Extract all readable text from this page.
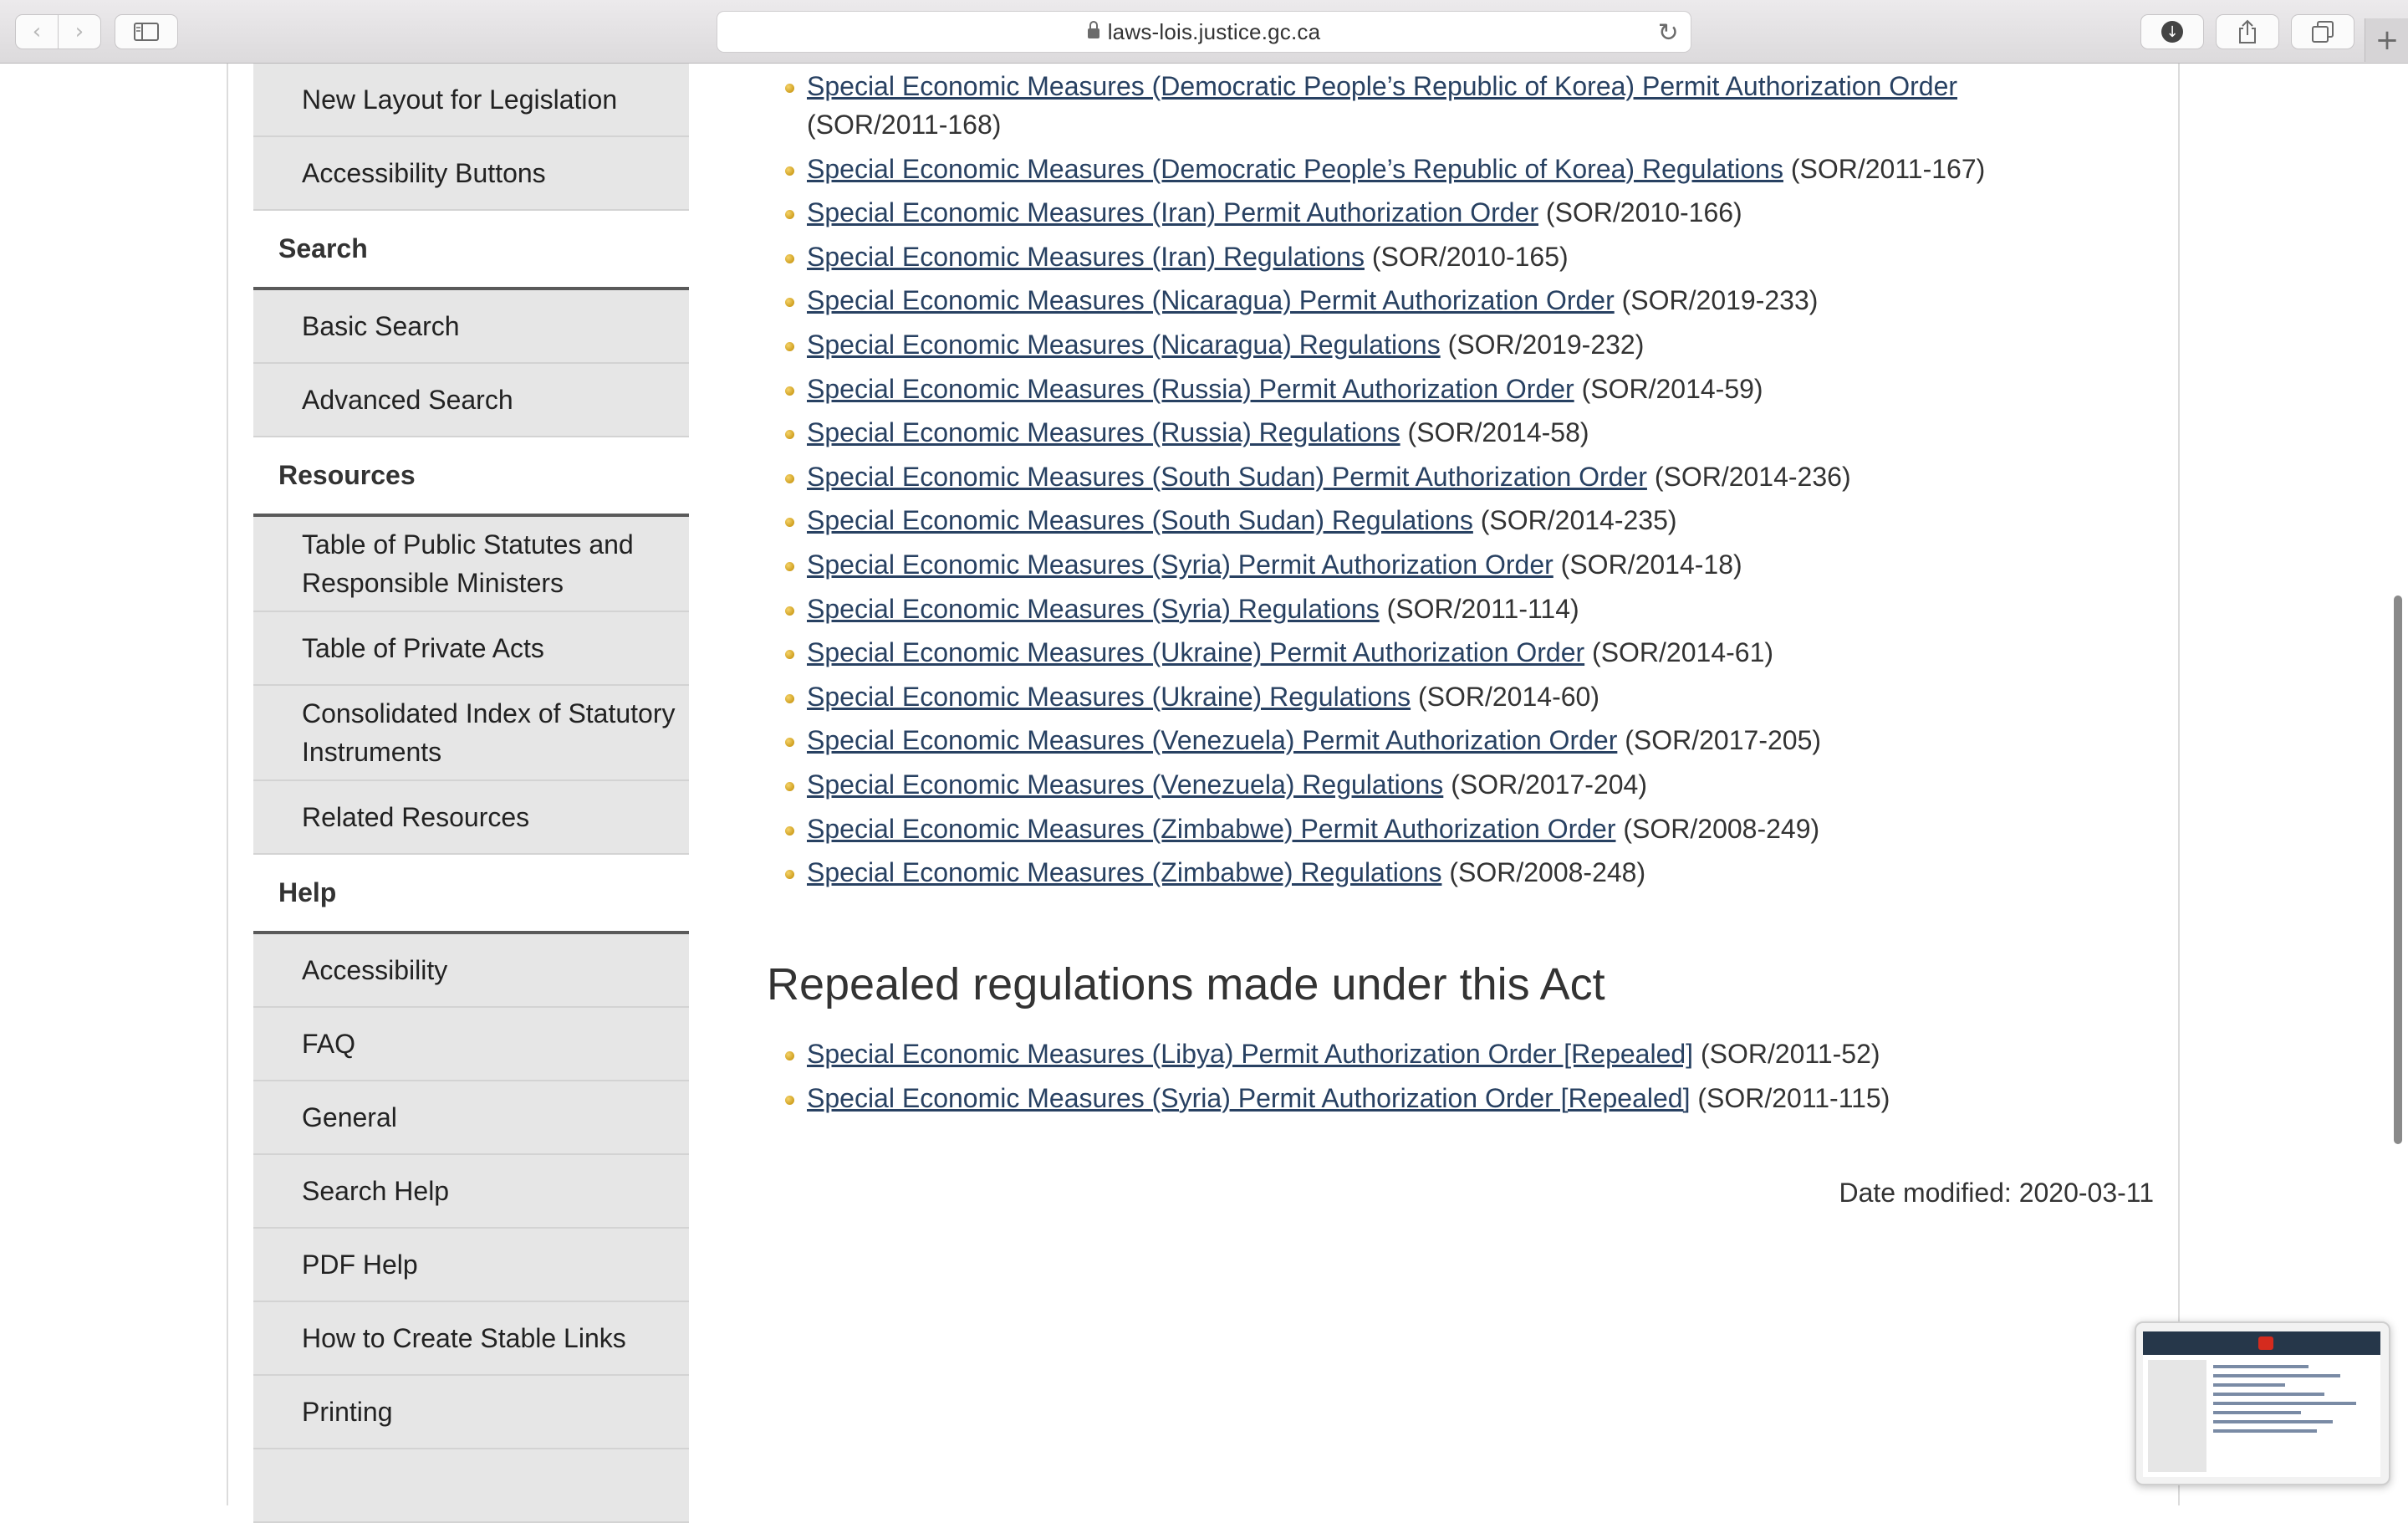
‹ ›	laws-lois.justice.gc.ca	↻	↓	+
New Layout for Legislation
Accessibility Buttons
Search
Basic Search
Advanced Search
Resources
Table of Public Statutes and Responsible Ministers
Table of Private Acts
Consolidated Index of Statutory Instruments
Related Resources
Help
Accessibility
FAQ
General
Search Help
PDF Help
How to Create Stable Links
Printing
Special Economic Measures (Democratic People’s Republic of Korea) Permit Authorization Order (SOR/2011-168)
Special Economic Measures (Democratic People’s Republic of Korea) Regulations (SOR/2011-167)
Special Economic Measures (Iran) Permit Authorization Order (SOR/2010-166)
Special Economic Measures (Iran) Regulations (SOR/2010-165)
Special Economic Measures (Nicaragua) Permit Authorization Order (SOR/2019-233)
Special Economic Measures (Nicaragua) Regulations (SOR/2019-232)
Special Economic Measures (Russia) Permit Authorization Order (SOR/2014-59)
Special Economic Measures (Russia) Regulations (SOR/2014-58)
Special Economic Measures (South Sudan) Permit Authorization Order (SOR/2014-236)
Special Economic Measures (South Sudan) Regulations (SOR/2014-235)
Special Economic Measures (Syria) Permit Authorization Order (SOR/2014-18)
Special Economic Measures (Syria) Regulations (SOR/2011-114)
Special Economic Measures (Ukraine) Permit Authorization Order (SOR/2014-61)
Special Economic Measures (Ukraine) Regulations (SOR/2014-60)
Special Economic Measures (Venezuela) Permit Authorization Order (SOR/2017-205)
Special Economic Measures (Venezuela) Regulations (SOR/2017-204)
Special Economic Measures (Zimbabwe) Permit Authorization Order (SOR/2008-249)
Special Economic Measures (Zimbabwe) Regulations (SOR/2008-248)
Repealed regulations made under this Act
Special Economic Measures (Libya) Permit Authorization Order [Repealed] (SOR/2011-52)
Special Economic Measures (Syria) Permit Authorization Order [Repealed] (SOR/2011-115)
Date modified: 2020-03-11
